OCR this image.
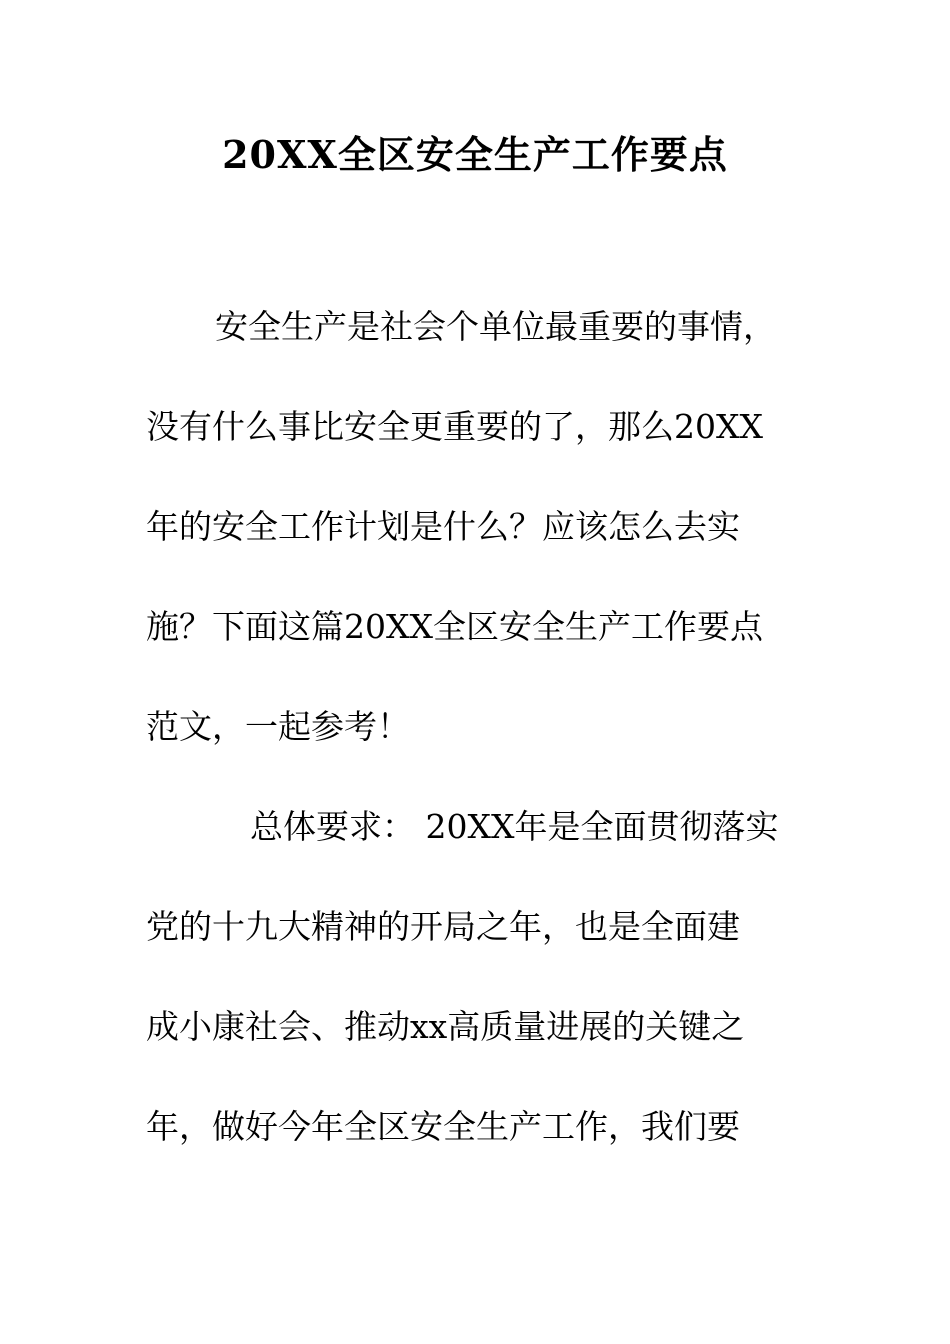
20XX全区安全生产工作要点
安全生产是社会个单位最重要的事情，
没有什么事比安全更重要的了，那么20XX
年的安全工作计划是什么？应该怎么去实
施？下面这篇20XX全区安全生产工作要点
范文，一起参考！
总体要求： 20XX年是全面贯彻落实
党的十九大精神的开局之年，也是全面建
成小康社会、推动xx高质量进展的关键之
年，做好今年全区安全生产工作，我们要
